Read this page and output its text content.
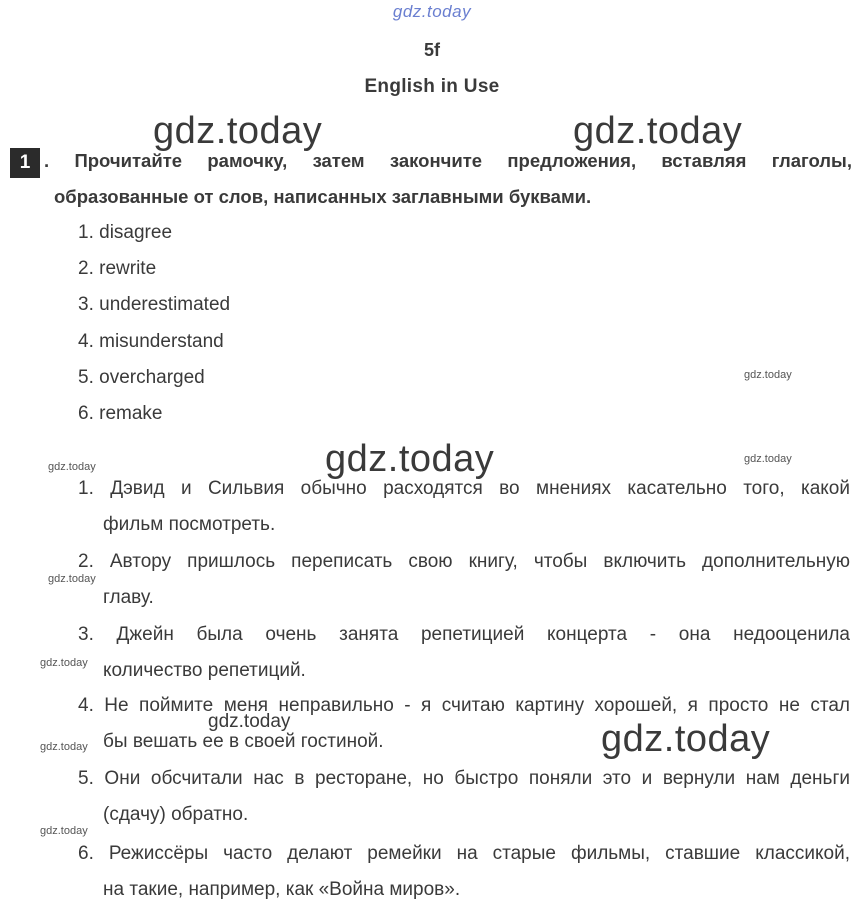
gdz.today
5f
English in Use
gdz.today	gdz.today
gdz.today
gdz.today
gdz.today
gdz.today
gdz.today
gdz.today
gdz.today
gdz.today
gdz.today
gdz.today
1 . Прочитайте рамочку, затем закончите предложения, вставляя глаголы,
образованные от слов, написанных заглавными буквами.
1. disagree
2. rewrite
3. underestimated
4. misunderstand
5. overcharged
6. remake
1. Дэвид и Сильвия обычно расходятся во мнениях касательно того, какой
фильм посмотреть.
2. Автору пришлось переписать свою книгу, чтобы включить дополнительную
главу.
3. Джейн была очень занята репетицией концерта - она недооценила
количество репетиций.
4. Не поймите меня неправильно - я считаю картину хорошей, я просто не стал
бы вешать ее в своей гостиной.
5. Они обсчитали нас в ресторане, но быстро поняли это и вернули нам деньги
(сдачу) обратно.
6. Режиссёры часто делают ремейки на старые фильмы, ставшие классикой,
на такие, например, как «Война миров».
